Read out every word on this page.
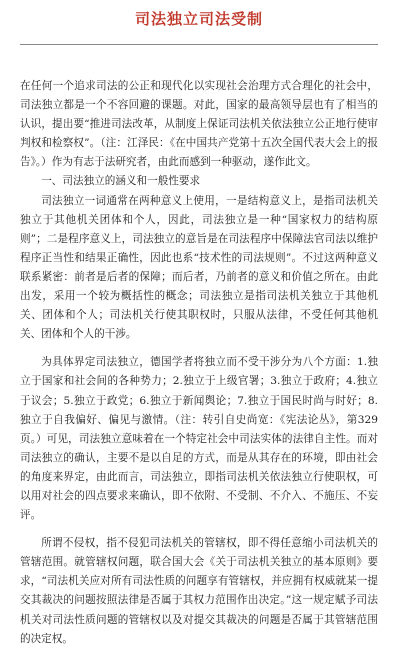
司法独立司法受制

在任何一个追求司法的公正和现代化以实现社会治理方式合理化的社会中，司法独立都是一个不容回避的课题。对此，国家的最高领导层也有了相当的认识，提出要“推进司法改革，从制度上保证司法机关依法独立公正地行使审判权和检察权”。（注：江泽民：《在中国共产党第十五次全国代表大会上的报告》。）作为有志于法研究者，由此而感到一种驱动，遂作此文。

一、司法独立的涵义和一般性要求

司法独立一词通常在两种意义上使用，一是结构意义上，是指司法机关独立于其他机关团体和个人，因此，司法独立是一种“国家权力的结构原则”；二是程序意义上，司法独立的意旨是在司法程序中保障法官司法以维护程序正当性和结果正确性，因此也系“技术性的司法规则”。不过这两种意义联系紧密：前者是后者的保障；而后者，乃前者的意义和价值之所在。由此出发，采用一个较为概括性的概念；司法独立是指司法机关独立于其他机关、团体和个人；司法机关行使其职权时，只服从法律，不受任何其他机关、团体和个人的干涉。

为具体界定司法独立，德国学者将独立而不受干涉分为八个方面：1.独立于国家和社会间的各种势力；2.独立于上级官署；3.独立于政府；4.独立于议会；5.独立于政党；6.独立于新闻舆论；7.独立于国民时尚与时好；8.独立于自我偏好、偏见与激情。（注：转引自史尚宽：《宪法论丛》，第329页。）可见，司法独立意味着在一个特定社会中司法实体的法律自主性。而对司法独立的确认，主要不是以自足的方式，而是从其存在的环境，即由社会的角度来界定，由此而言，司法独立，即指司法机关依法独立行使职权，可以用对社会的四点要求来确认，即不依附、不受制、不介入、不施压、不妄评。

所谓不侵权，指不侵犯司法机关的管辖权，即不得任意缩小司法机关的管辖范围。就管辖权问题，联合国大会《关于司法机关独立的基本原则》要求，“司法机关应对所有司法性质的问题享有管辖权，并应拥有权威就某一提交其裁决的问题按照法律是否属于其权力范围作出决定。”这一规定赋予司法机关对司法性质问题的管辖权以及对提交其裁决的问题是否属于其管辖范围的决定权。
